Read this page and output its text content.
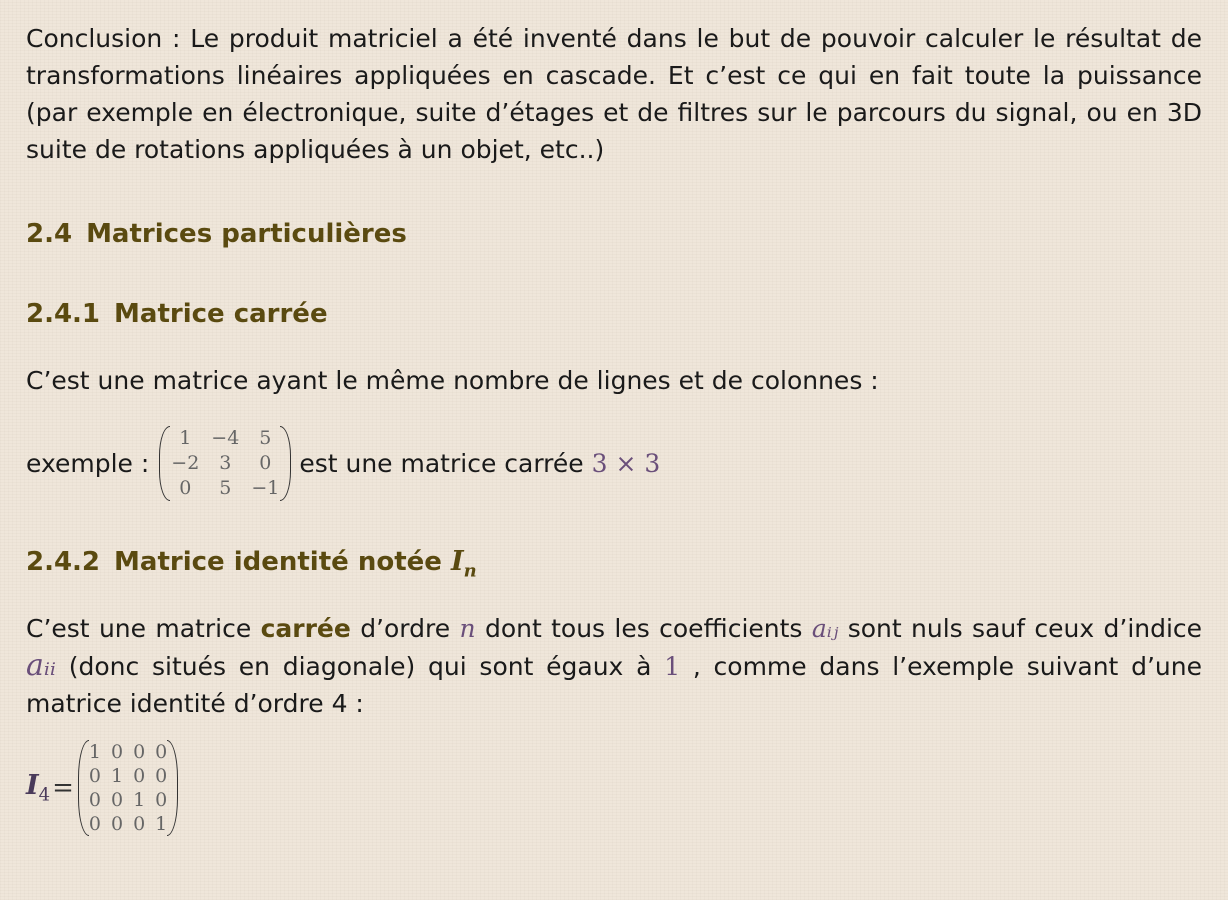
Conclusion : Le produit matriciel a été inventé dans le but de pouvoir calculer le résultat de transformations linéaires appliquées en cascade. Et c’est ce qui en fait toute la puissance (par exemple en électronique, suite d’étages et de filtres sur le parcours du signal, ou en 3D suite de rotations appliquées à un objet, etc..)

2.4 Matrices particulières
2.4.1 Matrice carrée

C’est une matrice ayant le même nombre de lignes et de colonnes :

exemple :
1	−4	5
−2	3	0
0	5	−1
est une matrice carrée
3 × 3
2.4.2 Matrice identité notée $I_n$

C’est une matrice carrée d’ordre n dont tous les coefficients aᵢⱼ sont nuls sauf ceux d’indice aᵢᵢ (donc situés en diagonale) qui sont égaux à 1 , comme dans l’exemple suivant d’une matrice identité d’ordre 4 :

$I_4$ =
1	0	0	0
0	1	0	0
0	0	1	0
0	0	0	1
